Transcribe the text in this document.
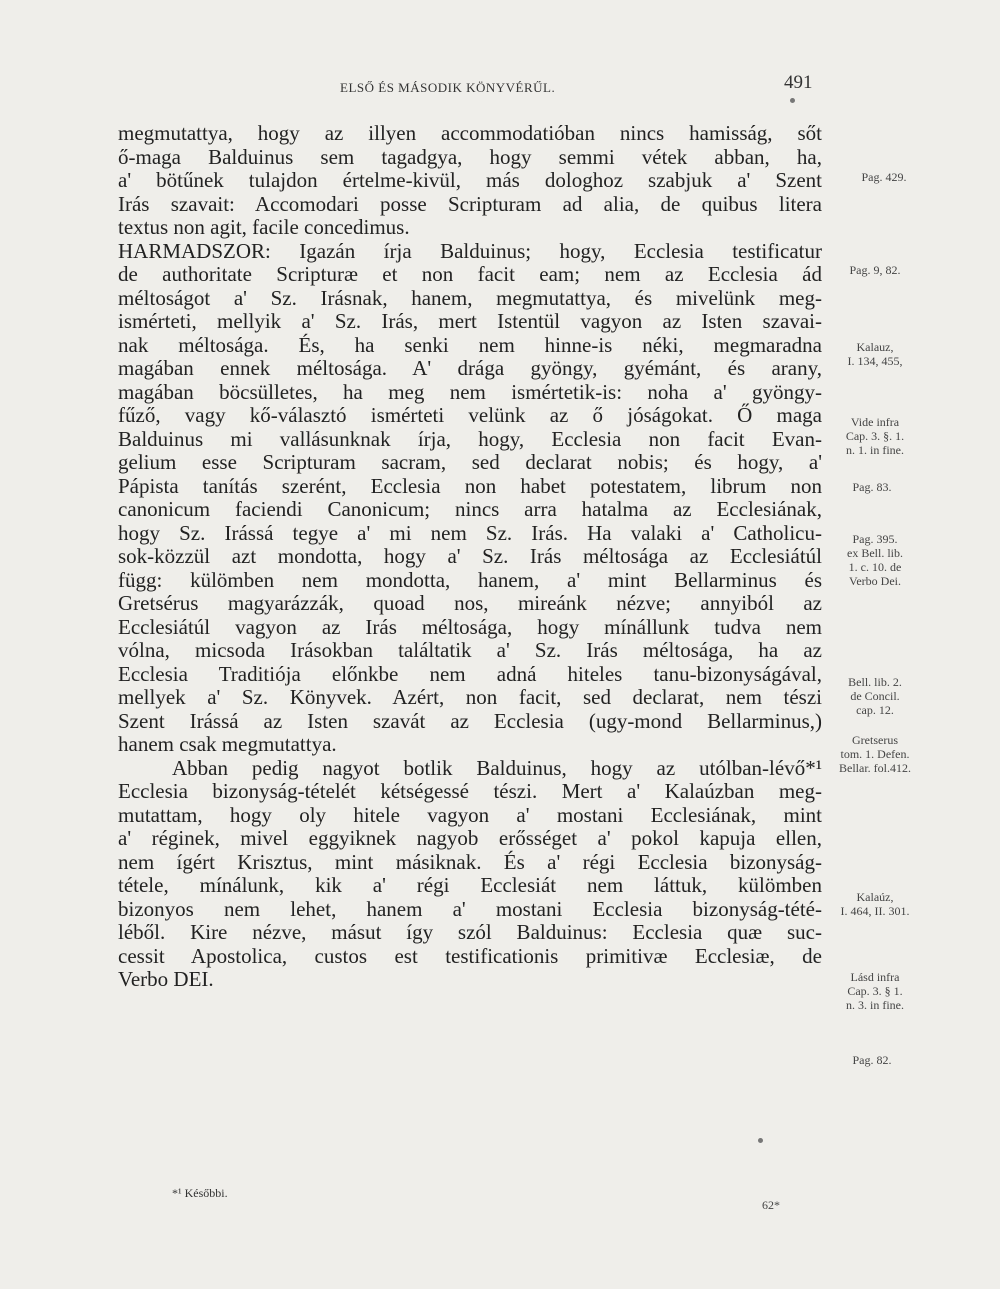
ELSŐ ÉS MÁSODIK KÖNYVÉRŰL.	491
megmutattya, hogy az illyen accommodatióban nincs hamisság, sőt
ő-maga Balduinus sem tagadgya, hogy semmi vétek abban, ha,
a' bötűnek tulajdon értelme-kivül, más dologhoz szabjuk a' Szent
Irás szavait: Accomodari posse Scripturam ad alia, de quibus litera
textus non agit, facile concedimus.
HARMADSZOR: Igazán írja Balduinus; hogy, Ecclesia testificatur
de authoritate Scripturæ et non facit eam; nem az Ecclesia ád
méltoságot a' Sz. Irásnak, hanem, megmutattya, és mivelünk meg-
ismérteti, mellyik a' Sz. Irás, mert Istentül vagyon az Isten szavai-
nak méltosága. És, ha senki nem hinne-is néki, megmaradna
magában ennek méltosága. A' drága gyöngy, gyémánt, és arany,
magában böcsülletes, ha meg nem ismértetik-is: noha a' gyöngy-
fűző, vagy kő-választó ismérteti velünk az ő jóságokat. Ő maga
Balduinus mi vallásunknak írja, hogy, Ecclesia non facit Evan-
gelium esse Scripturam sacram, sed declarat nobis; és hogy, a'
Pápista tanítás szerént, Ecclesia non habet potestatem, librum non
canonicum faciendi Canonicum; nincs arra hatalma az Ecclesiának,
hogy Sz. Irássá tegye a' mi nem Sz. Irás. Ha valaki a' Catholicu-
sok-közzül azt mondotta, hogy a' Sz. Irás méltosága az Ecclesiátúl
függ: külömben nem mondotta, hanem, a' mint Bellarminus és
Gretsérus magyarázzák, quoad nos, mireánk nézve; annyiból az
Ecclesiátúl vagyon az Irás méltosága, hogy mínállunk tudva nem
vólna, micsoda Irásokban találtatik a' Sz. Irás méltosága, ha az
Ecclesia Traditiója előnkbe nem adná hiteles tanu-bizonyságával,
mellyek a' Sz. Könyvek. Azért, non facit, sed declarat, nem tészi
Szent Irássá az Isten szavát az Ecclesia (ugy-mond Bellarminus,)
hanem csak megmutattya.
Abban pedig nagyot botlik Balduinus, hogy az utólban-lévő*¹
Ecclesia bizonyság-tételét kétségessé tészi. Mert a' Kalaúzban meg-
mutattam, hogy oly hitele vagyon a' mostani Ecclesiának, mint
a' réginek, mivel eggyiknek nagyob erősséget a' pokol kapuja ellen,
nem ígért Krisztus, mint másiknak. És a' régi Ecclesia bizonyság-
tétele, mínálunk, kik a' régi Ecclesiát nem láttuk, külömben
bizonyos nem lehet, hanem a' mostani Ecclesia bizonyság-tété-
léből. Kire nézve, másut így szól Balduinus: Ecclesia quæ suc-
cessit Apostolica, custos est testificationis primitivæ Ecclesiæ, de
Verbo DEI.
Pag. 429.
Pag. 9, 82.
Kalauz,
I. 134, 455,
Vide infra
Cap. 3. §. 1.
n. 1. in fine.
Pag. 83.
Pag. 395.
ex Bell. lib.
1. c. 10. de
Verbo Dei.
Bell. lib. 2.
de Concil.
cap. 12.
Gretserus
tom. 1. Defen.
Bellar. fol.412.
Kalaúz,
I. 464, II. 301.
Lásd infra
Cap. 3. § 1.
n. 3. in fine.
Pag. 82.
*¹ Későbbi.
62*
